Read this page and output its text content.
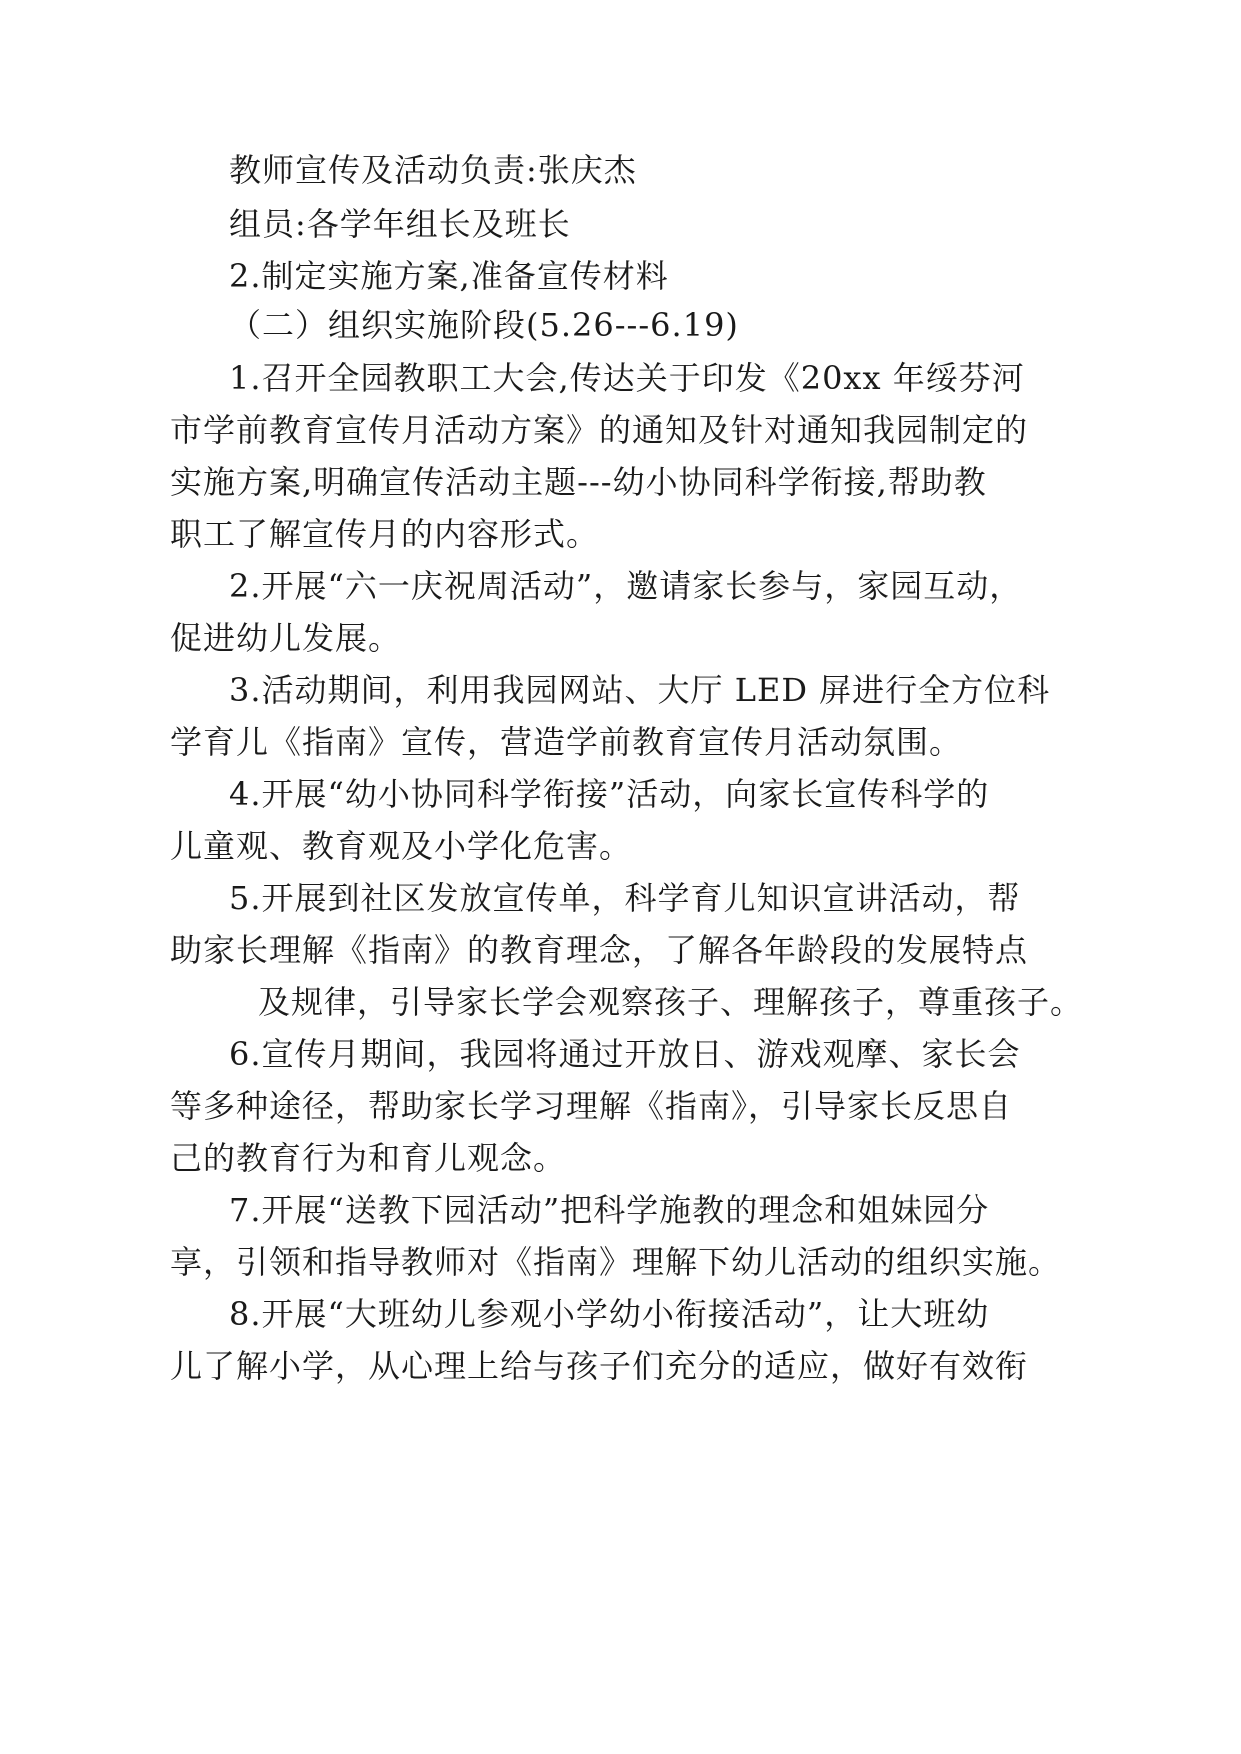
教师宣传及活动负责:张庆杰
组员:各学年组长及班长
2.制定实施方案,准备宣传材料
（二）组织实施阶段(5.26---6.19)
1.召开全园教职工大会,传达关于印发《20xx 年绥芬河
市学前教育宣传月活动方案》的通知及针对通知我园制定的
实施方案,明确宣传活动主题---幼小协同科学衔接,帮助教
职工了解宣传月的内容形式。
2.开展“六一庆祝周活动”，邀请家长参与，家园互动，
促进幼儿发展。
3.活动期间，利用我园网站、大厅 LED 屏进行全方位科
学育儿《指南》宣传，营造学前教育宣传月活动氛围。
4.开展“幼小协同科学衔接”活动，向家长宣传科学的
儿童观、教育观及小学化危害。
5.开展到社区发放宣传单，科学育儿知识宣讲活动，帮
助家长理解《指南》的教育理念，了解各年龄段的发展特点
及规律，引导家长学会观察孩子、理解孩子，尊重孩子。
6.宣传月期间，我园将通过开放日、游戏观摩、家长会
等多种途径，帮助家长学习理解《指南》，引导家长反思自
己的教育行为和育儿观念。
7.开展“送教下园活动”把科学施教的理念和姐妹园分
享，引领和指导教师对《指南》理解下幼儿活动的组织实施。
8.开展“大班幼儿参观小学幼小衔接活动”，让大班幼
儿了解小学，从心理上给与孩子们充分的适应，做好有效衔
